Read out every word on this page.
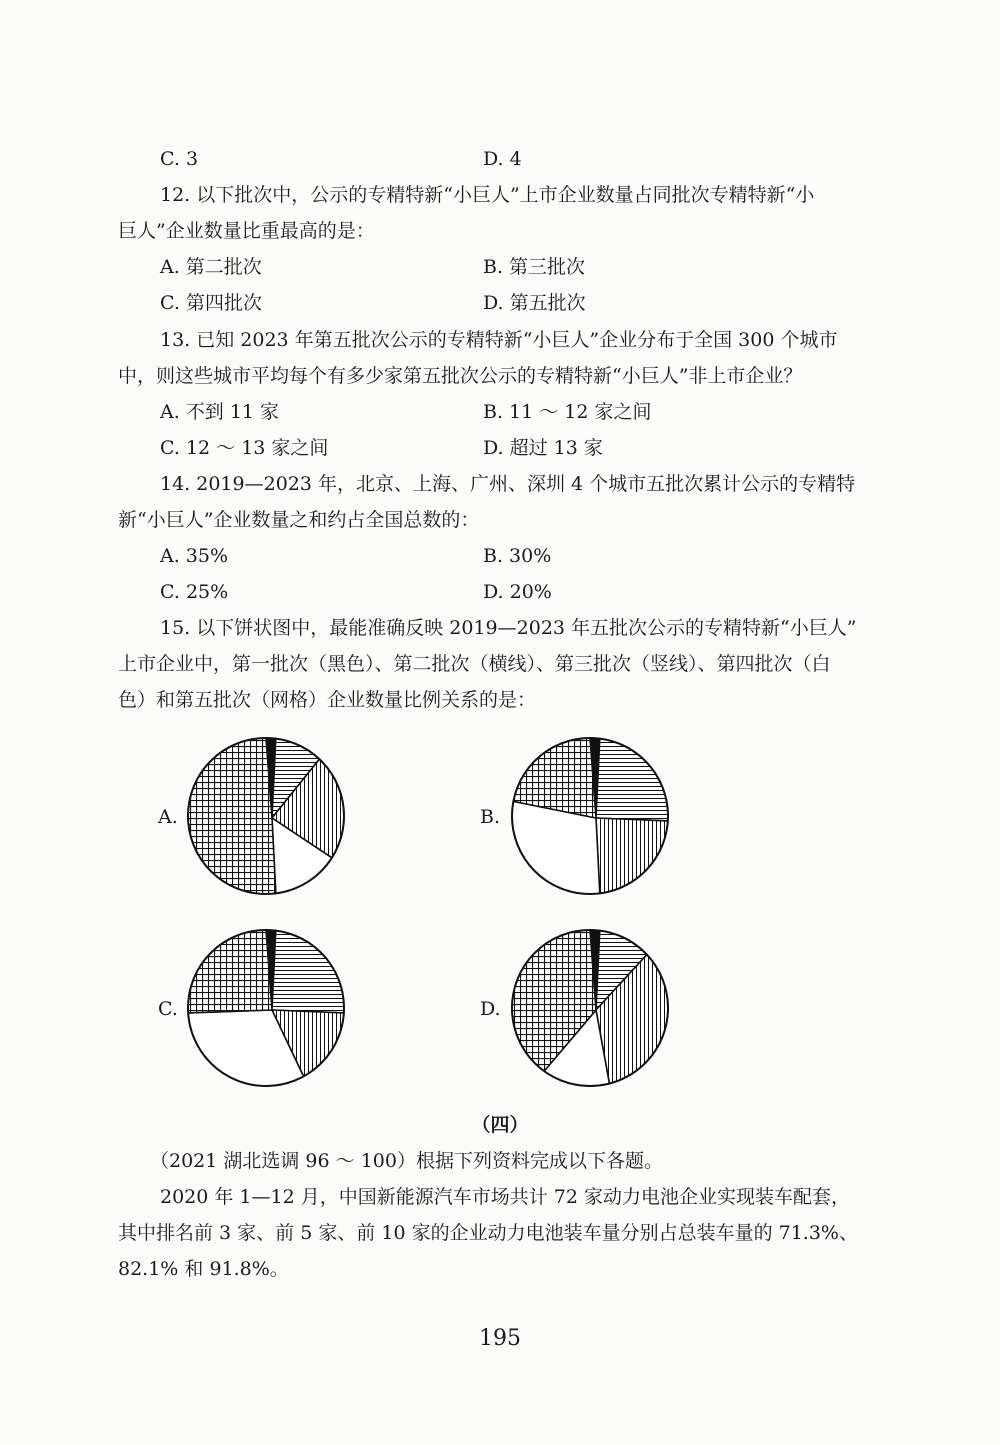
C. 3	D. 4
12. 以下批次中，公示的专精特新“小巨人”上市企业数量占同批次专精特新“小
巨人”企业数量比重最高的是：
A. 第二批次	B. 第三批次
C. 第四批次	D. 第五批次
13. 已知 2023 年第五批次公示的专精特新“小巨人”企业分布于全国 300 个城市
中，则这些城市平均每个有多少家第五批次公示的专精特新“小巨人”非上市企业？
A. 不到 11 家	B. 11 ～ 12 家之间
C. 12 ～ 13 家之间	D. 超过 13 家
14. 2019—2023 年，北京、上海、广州、深圳 4 个城市五批次累计公示的专精特
新“小巨人”企业数量之和约占全国总数的：
A. 35%	B. 30%
C. 25%	D. 20%
15. 以下饼状图中，最能准确反映 2019—2023 年五批次公示的专精特新“小巨人”
上市企业中，第一批次（黑色）、第二批次（横线）、第三批次（竖线）、第四批次（白
色）和第五批次（网格）企业数量比例关系的是：
A.	B.
C.	D.
（四）
（2021 湖北选调 96 ～ 100）根据下列资料完成以下各题。
2020 年 1—12 月，中国新能源汽车市场共计 72 家动力电池企业实现装车配套，
其中排名前 3 家、前 5 家、前 10 家的企业动力电池装车量分别占总装车量的 71.3%、
82.1% 和 91.8%。
195
